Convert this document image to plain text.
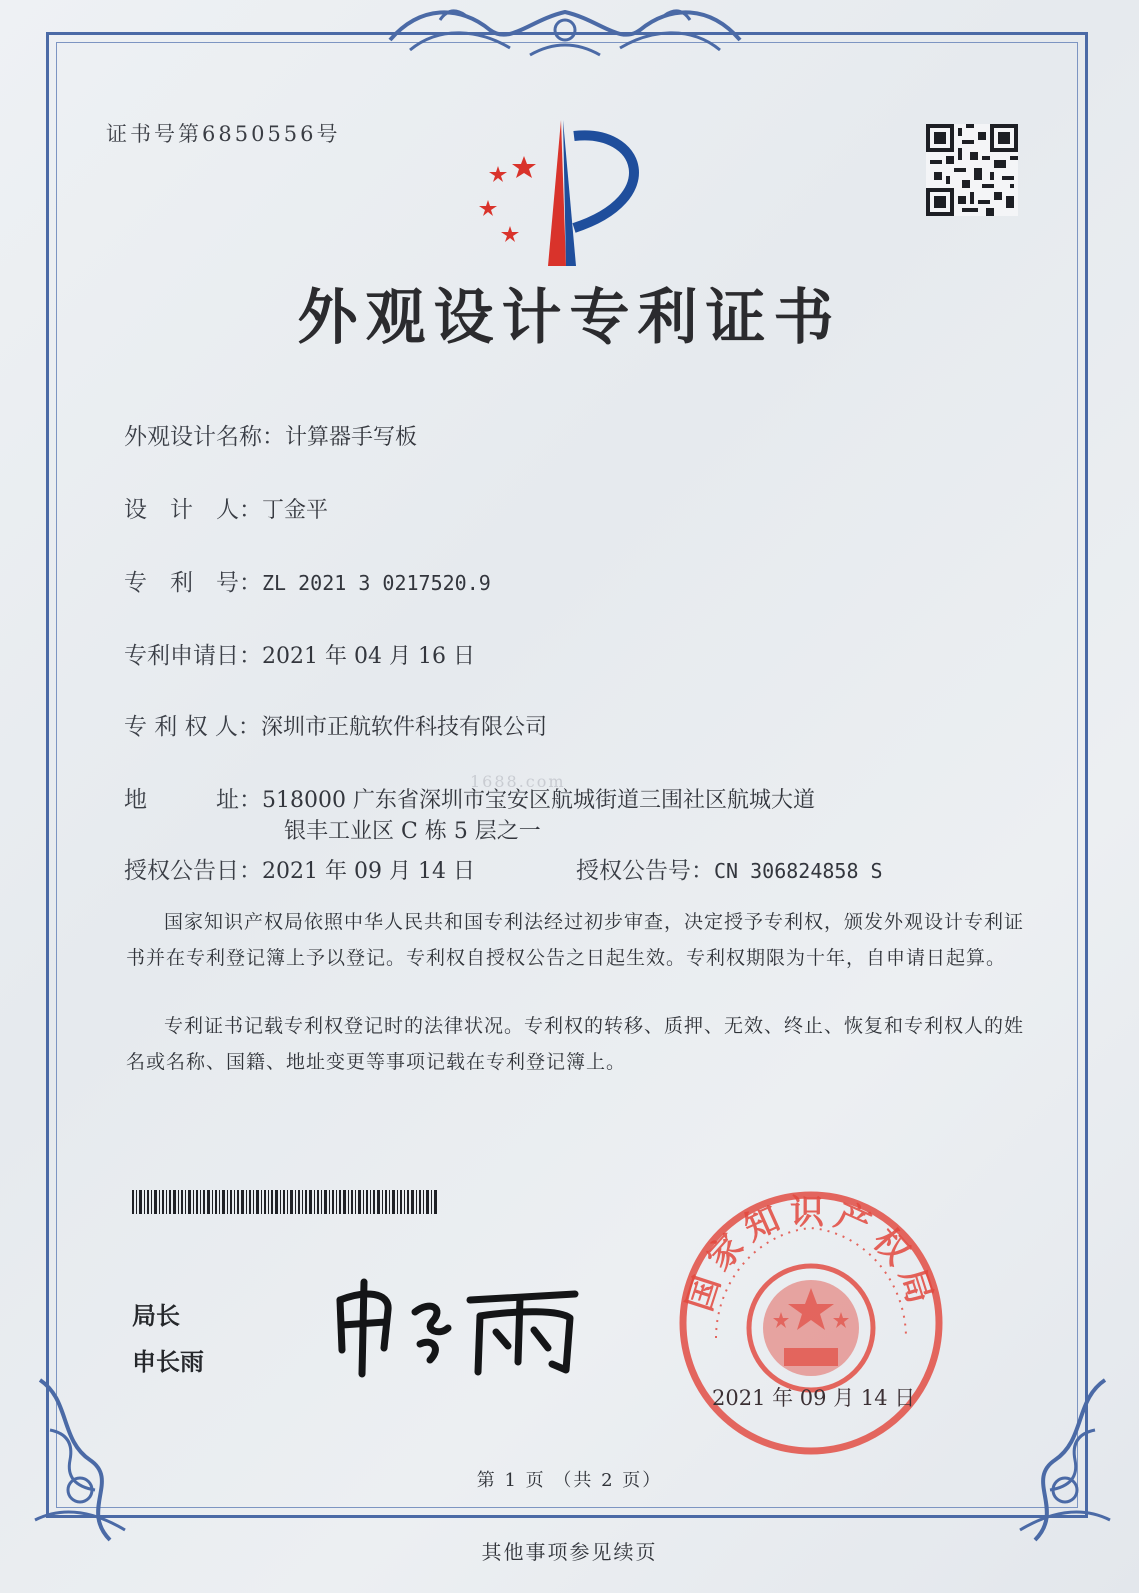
证书号第6850556号
外观设计专利证书
外观设计名称：计算器手写板
设　计　人：丁金平
专　利　号：ZL 2021 3 0217520.9
专利申请日：2021 年 04 月 16 日
专 利 权 人：深圳市正航软件科技有限公司
1688.com
地　　　址：518000 广东省深圳市宝安区航城街道三围社区航城大道
银丰工业区 C 栋 5 层之一
授权公告日：2021 年 09 月 14 日	授权公告号：CN 306824858 S
国家知识产权局依照中华人民共和国专利法经过初步审查，决定授予专利权，颁发外观设计专利证书并在专利登记簿上予以登记。专利权自授权公告之日起生效。专利权期限为十年，自申请日起算。
专利证书记载专利权登记时的法律状况。专利权的转移、质押、无效、终止、恢复和专利权人的姓名或名称、国籍、地址变更等事项记载在专利登记簿上。
局长
申长雨
国家知识产权局
2021 年 09 月 14 日
第 1 页 （共 2 页）
其他事项参见续页
